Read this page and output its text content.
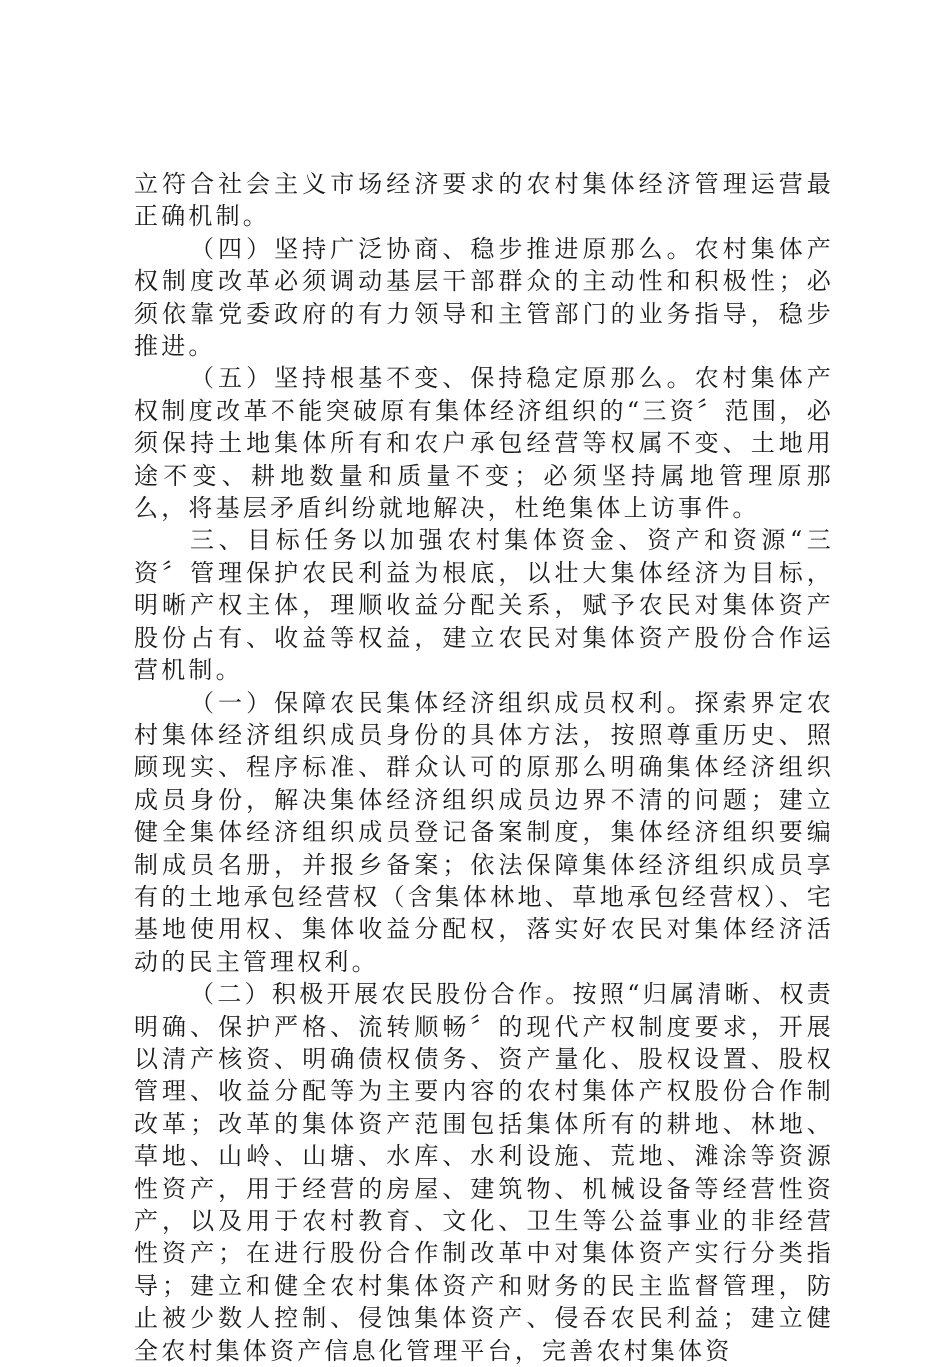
立符合社会主义市场经济要求的农村集体经济管理运营最正确机制。

（四）坚持广泛协商、稳步推进原那么。农村集体产权制度改革必须调动基层干部群众的主动性和积极性；必须依靠党委政府的有力领导和主管部门的业务指导，稳步推进。

（五）坚持根基不变、保持稳定原那么。农村集体产权制度改革不能突破原有集体经济组织的“三资〞范围，必须保持土地集体所有和农户承包经营等权属不变、土地用途不变、耕地数量和质量不变；必须坚持属地管理原那么，将基层矛盾纠纷就地解决，杜绝集体上访事件。

三、目标任务以加强农村集体资金、资产和资源“三资〞管理保护农民利益为根底，以壮大集体经济为目标，明晰产权主体，理顺收益分配关系，赋予农民对集体资产股份占有、收益等权益，建立农民对集体资产股份合作运营机制。

（一）保障农民集体经济组织成员权利。探索界定农村集体经济组织成员身份的具体方法，按照尊重历史、照顾现实、程序标准、群众认可的原那么明确集体经济组织成员身份，解决集体经济组织成员边界不清的问题；建立健全集体经济组织成员登记备案制度，集体经济组织要编制成员名册，并报乡备案；依法保障集体经济组织成员享有的土地承包经营权（含集体林地、草地承包经营权）、宅基地使用权、集体收益分配权，落实好农民对集体经济活动的民主管理权利。

（二）积极开展农民股份合作。按照“归属清晰、权责明确、保护严格、流转顺畅〞的现代产权制度要求，开展以清产核资、明确债权债务、资产量化、股权设置、股权管理、收益分配等为主要内容的农村集体产权股份合作制改革；改革的集体资产范围包括集体所有的耕地、林地、草地、山岭、山塘、水库、水利设施、荒地、滩涂等资源性资产，用于经营的房屋、建筑物、机械设备等经营性资产，以及用于农村教育、文化、卫生等公益事业的非经营性资产；在进行股份合作制改革中对集体资产实行分类指导；建立和健全农村集体资产和财务的民主监督管理，防止被少数人控制、侵蚀集体资产、侵吞农民利益；建立健全农村集体资产信息化管理平台，完善农村集体资
